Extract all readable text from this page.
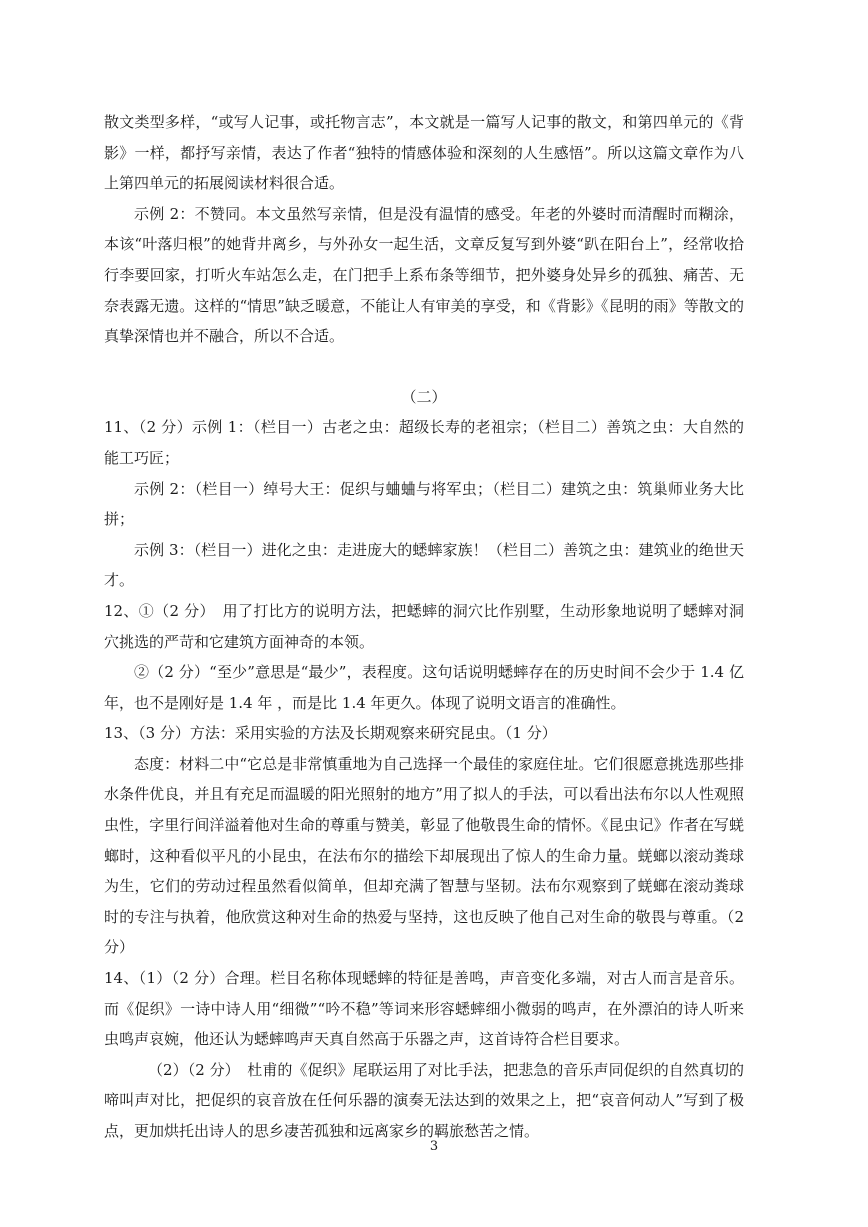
散文类型多样，“或写人记事，或托物言志”，本文就是一篇写人记事的散文，和第四单元的《背影》一样，都抒写亲情，表达了作者“独特的情感体验和深刻的人生感悟”。所以这篇文章作为八上第四单元的拓展阅读材料很合适。

示例 2：不赞同。本文虽然写亲情，但是没有温情的感受。年老的外婆时而清醒时而糊涂，本该“叶落归根”的她背井离乡，与外孙女一起生活，文章反复写到外婆“趴在阳台上”，经常收拾行李要回家，打听火车站怎么走，在门把手上系布条等细节，把外婆身处异乡的孤独、痛苦、无奈表露无遗。这样的“情思”缺乏暖意，不能让人有审美的享受，和《背影》《昆明的雨》等散文的真挚深情也并不融合，所以不合适。

（二）

11、（2 分）示例 1：（栏目一）古老之虫：超级长寿的老祖宗；（栏目二）善筑之虫：大自然的能工巧匠；

示例 2：（栏目一）绰号大王：促织与蛐蛐与将军虫；（栏目二）建筑之虫：筑巢师业务大比拼；

示例 3：（栏目一）进化之虫：走进庞大的蟋蟀家族！（栏目二）善筑之虫：建筑业的绝世天才。

12、①（2 分）　用了打比方的说明方法，把蟋蟀的洞穴比作别墅，生动形象地说明了蟋蟀对洞穴挑选的严苛和它建筑方面神奇的本领。

②（2 分）“至少”意思是“最少”，表程度。这句话说明蟋蟀存在的历史时间不会少于 1.4 亿年，也不是刚好是 1.4 年 ，而是比 1.4 年更久。体现了说明文语言的准确性。

13、（3 分）方法：采用实验的方法及长期观察来研究昆虫。（1 分）

态度：材料二中“它总是非常慎重地为自己选择一个最佳的家庭住址。它们很愿意挑选那些排水条件优良，并且有充足而温暖的阳光照射的地方”用了拟人的手法，可以看出法布尔以人性观照虫性，字里行间洋溢着他对生命的尊重与赞美，彰显了他敬畏生命的情怀。《昆虫记》作者在写蜣螂时，这种看似平凡的小昆虫，在法布尔的描绘下却展现出了惊人的生命力量。蜣螂以滚动粪球为生，它们的劳动过程虽然看似简单，但却充满了智慧与坚韧。法布尔观察到了蜣螂在滚动粪球时的专注与执着，他欣赏这种对生命的热爱与坚持，这也反映了他自己对生命的敬畏与尊重。（2 分）

14、（1）（2 分）合理。栏目名称体现蟋蟀的特征是善鸣，声音变化多端，对古人而言是音乐。而《促织》一诗中诗人用“细微”“吟不稳”等词来形容蟋蟀细小微弱的鸣声，在外漂泊的诗人听来虫鸣声哀婉，他还认为蟋蟀鸣声天真自然高于乐器之声，这首诗符合栏目要求。

（2）（2 分）　杜甫的《促织》尾联运用了对比手法，把悲急的音乐声同促织的自然真切的啼叫声对比，把促织的哀音放在任何乐器的演奏无法达到的效果之上，把“哀音何动人”写到了极点，更加烘托出诗人的思乡凄苦孤独和远离家乡的羁旅愁苦之情。

3
